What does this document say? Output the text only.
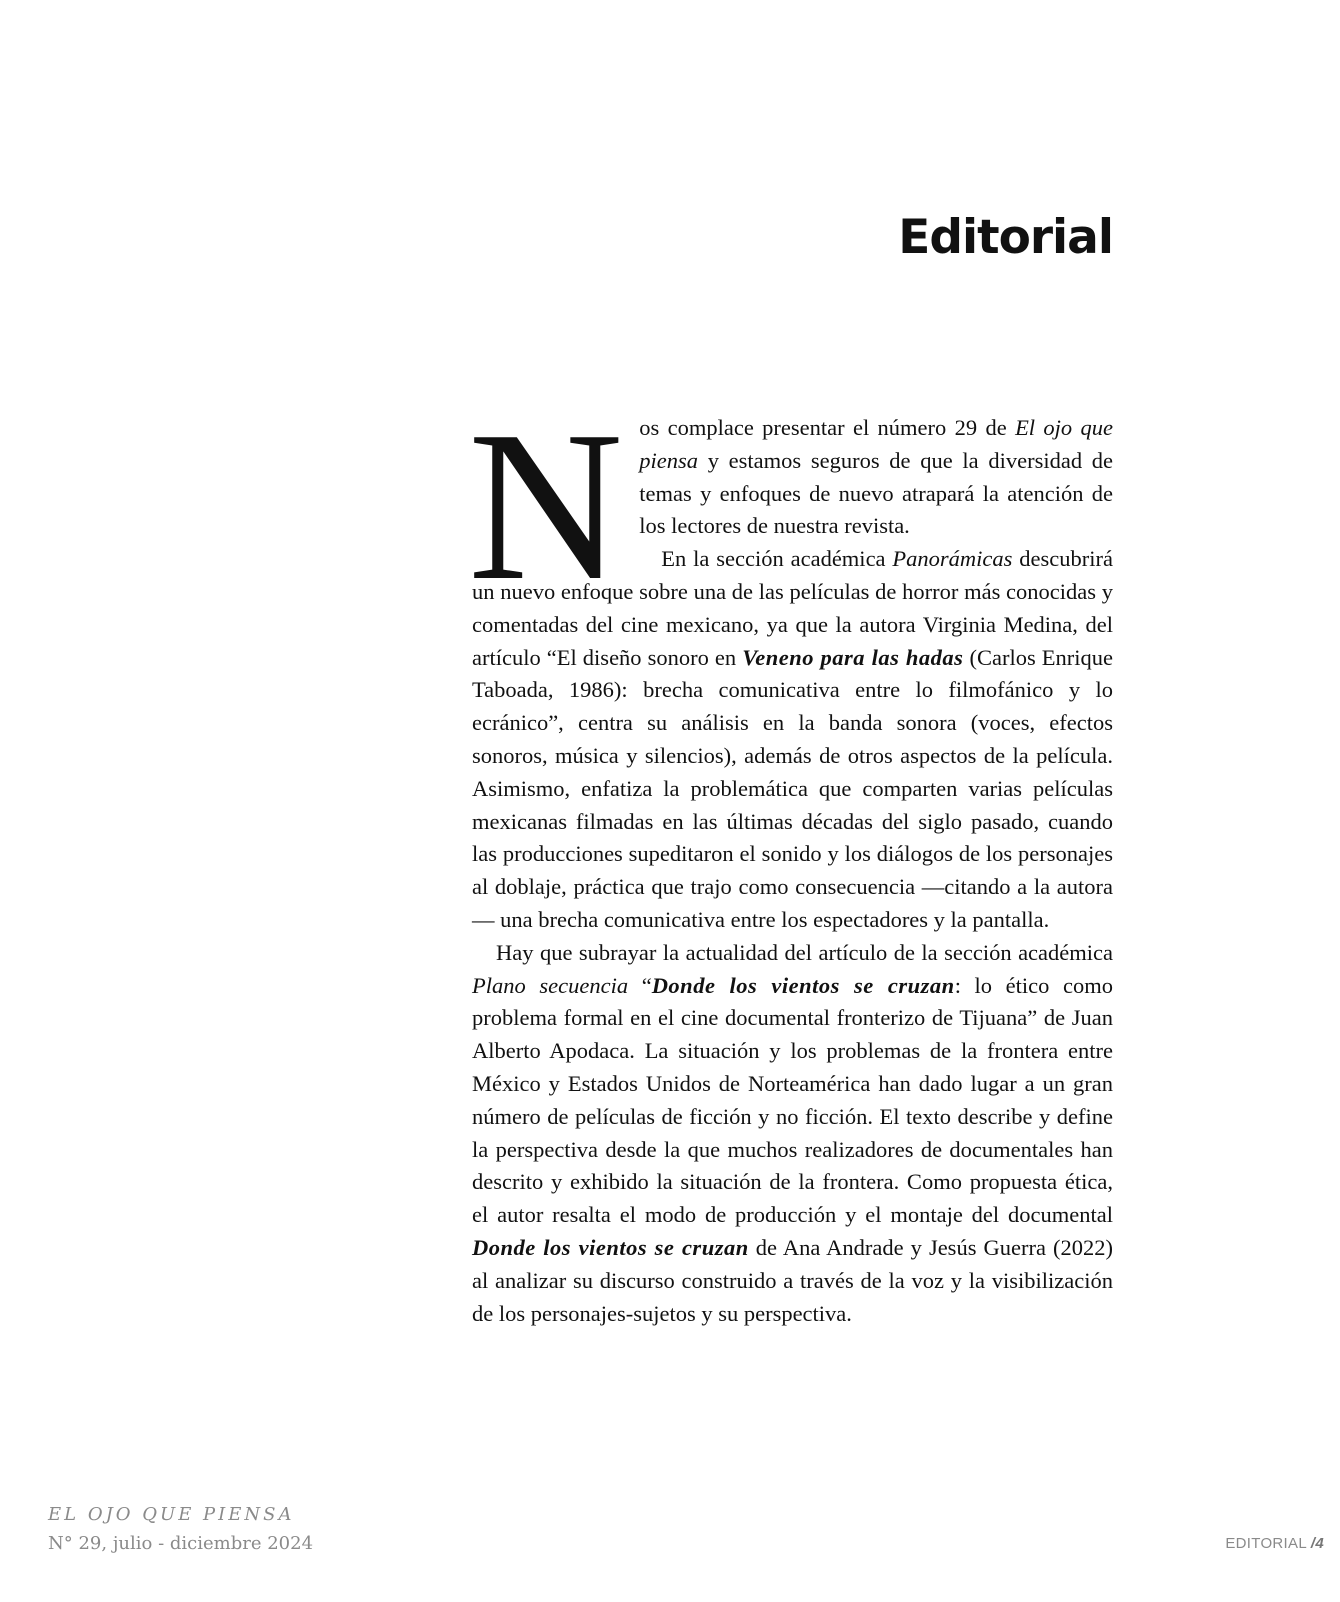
Editorial

N os complace presentar el número 29 de El ojo que piensa y estamos seguros de que la diversidad de temas y enfoques de nuevo atrapará la atención de los lectores de nuestra revista.

En la sección académica Panorámicas descubrirá un nuevo enfoque sobre una de las películas de horror más conocidas y comentadas del cine mexicano, ya que la autora Virginia Medina, del artículo “El diseño sonoro en Veneno para las hadas (Carlos Enrique Taboada, 1986): brecha comunicativa entre lo filmofánico y lo ecránico”, centra su análisis en la banda sonora (voces, efectos sonoros, música y silencios), además de otros aspectos de la película. Asimismo, enfatiza la problemática que comparten varias películas mexicanas filmadas en las últimas décadas del siglo pasado, cuando las producciones supeditaron el sonido y los diálogos de los personajes al doblaje, práctica que trajo como consecuencia —citando a la autora— una brecha comunicativa entre los espectadores y la pantalla.

Hay que subrayar la actualidad del artículo de la sección académica Plano secuencia “Donde los vientos se cruzan: lo ético como problema formal en el cine documental fronterizo de Tijuana” de Juan Alberto Apodaca. La situación y los problemas de la frontera entre México y Estados Unidos de Norteamérica han dado lugar a un gran número de películas de ficción y no ficción. El texto describe y define la perspectiva desde la que muchos realizadores de documentales han descrito y exhibido la situación de la frontera. Como propuesta ética, el autor resalta el modo de producción y el montaje del documental Donde los vientos se cruzan de Ana Andrade y Jesús Guerra (2022) al analizar su discurso construido a través de la voz y la visibilización de los personajes-sujetos y su perspectiva.

EL OJO QUE PIENSA

N° 29, julio - diciembre 2024	EDITORIAL /4
